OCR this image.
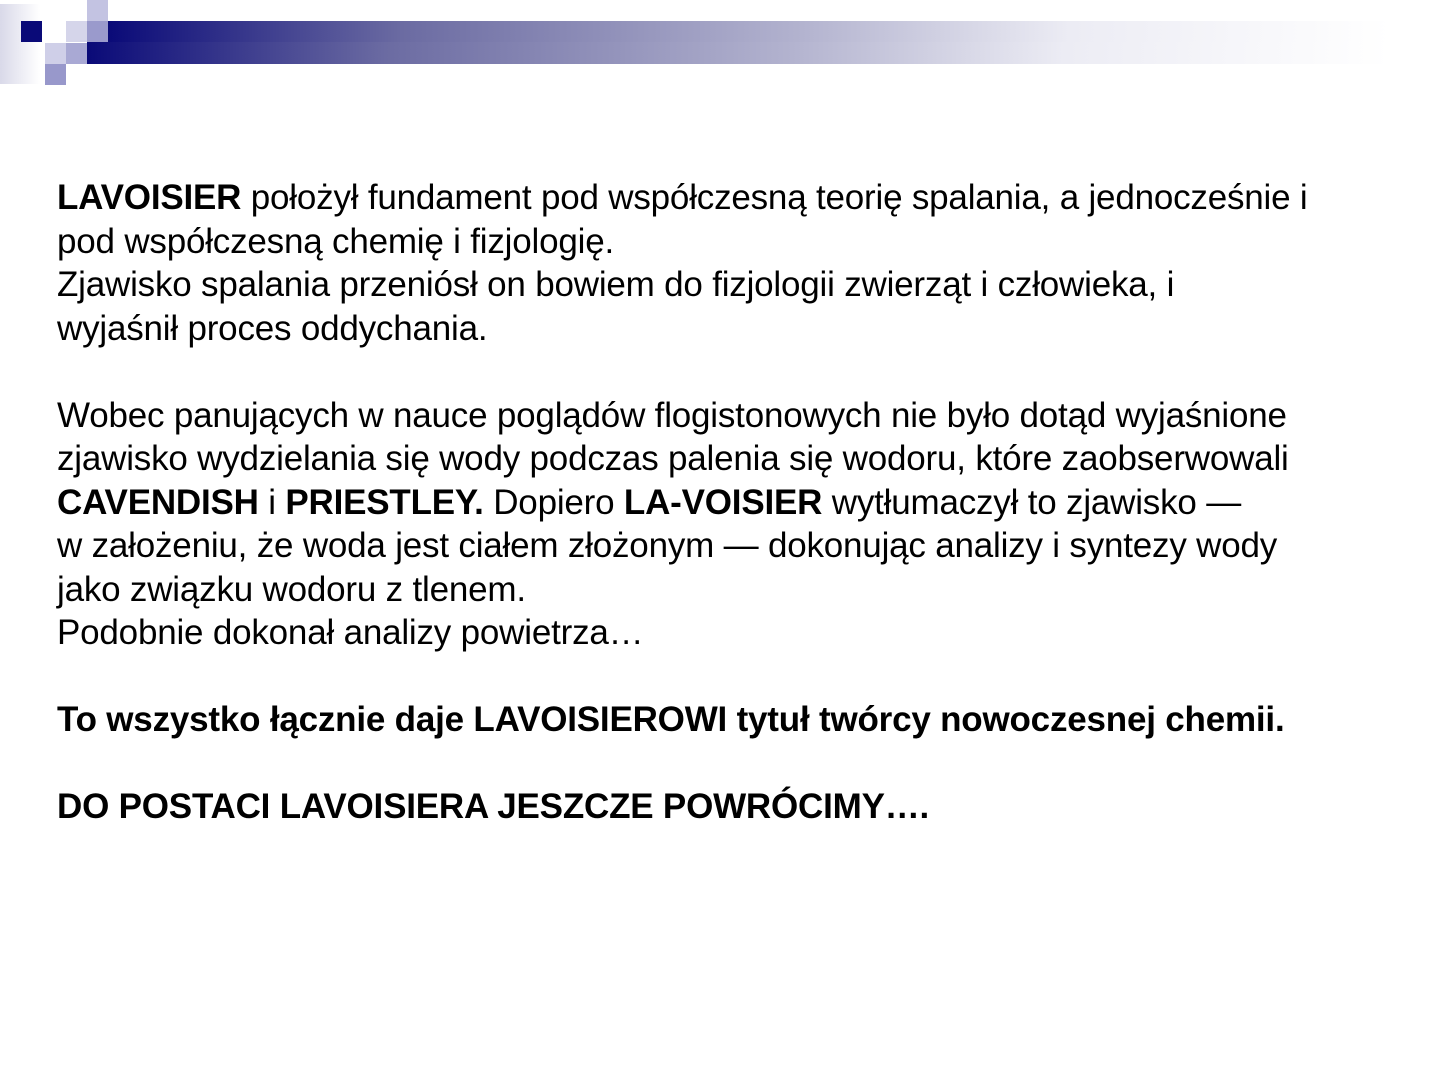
LAVOISIER położył fundament pod współczesną teorię spalania, a jednocześnie i
pod współczesną chemię i fizjologię.
Zjawisko spalania przeniósł on bowiem do fizjologii zwierząt i człowieka, i
wyjaśnił proces oddychania.

Wobec panujących w nauce poglądów flogistonowych nie było dotąd wyjaśnione
zjawisko wydzielania się wody podczas palenia się wodoru, które zaobserwowali
CAVENDISH i PRIESTLEY. Dopiero LA-VOISIER wytłumaczył to zjawisko —
w założeniu, że woda jest ciałem złożonym — dokonując analizy i syntezy wody
jako związku wodoru z tlenem.
Podobnie dokonał analizy powietrza…

To wszystko łącznie daje LAVOISIEROWI tytuł twórcy nowoczesnej chemii.

DO POSTACI LAVOISIERA JESZCZE POWRÓCIMY….
